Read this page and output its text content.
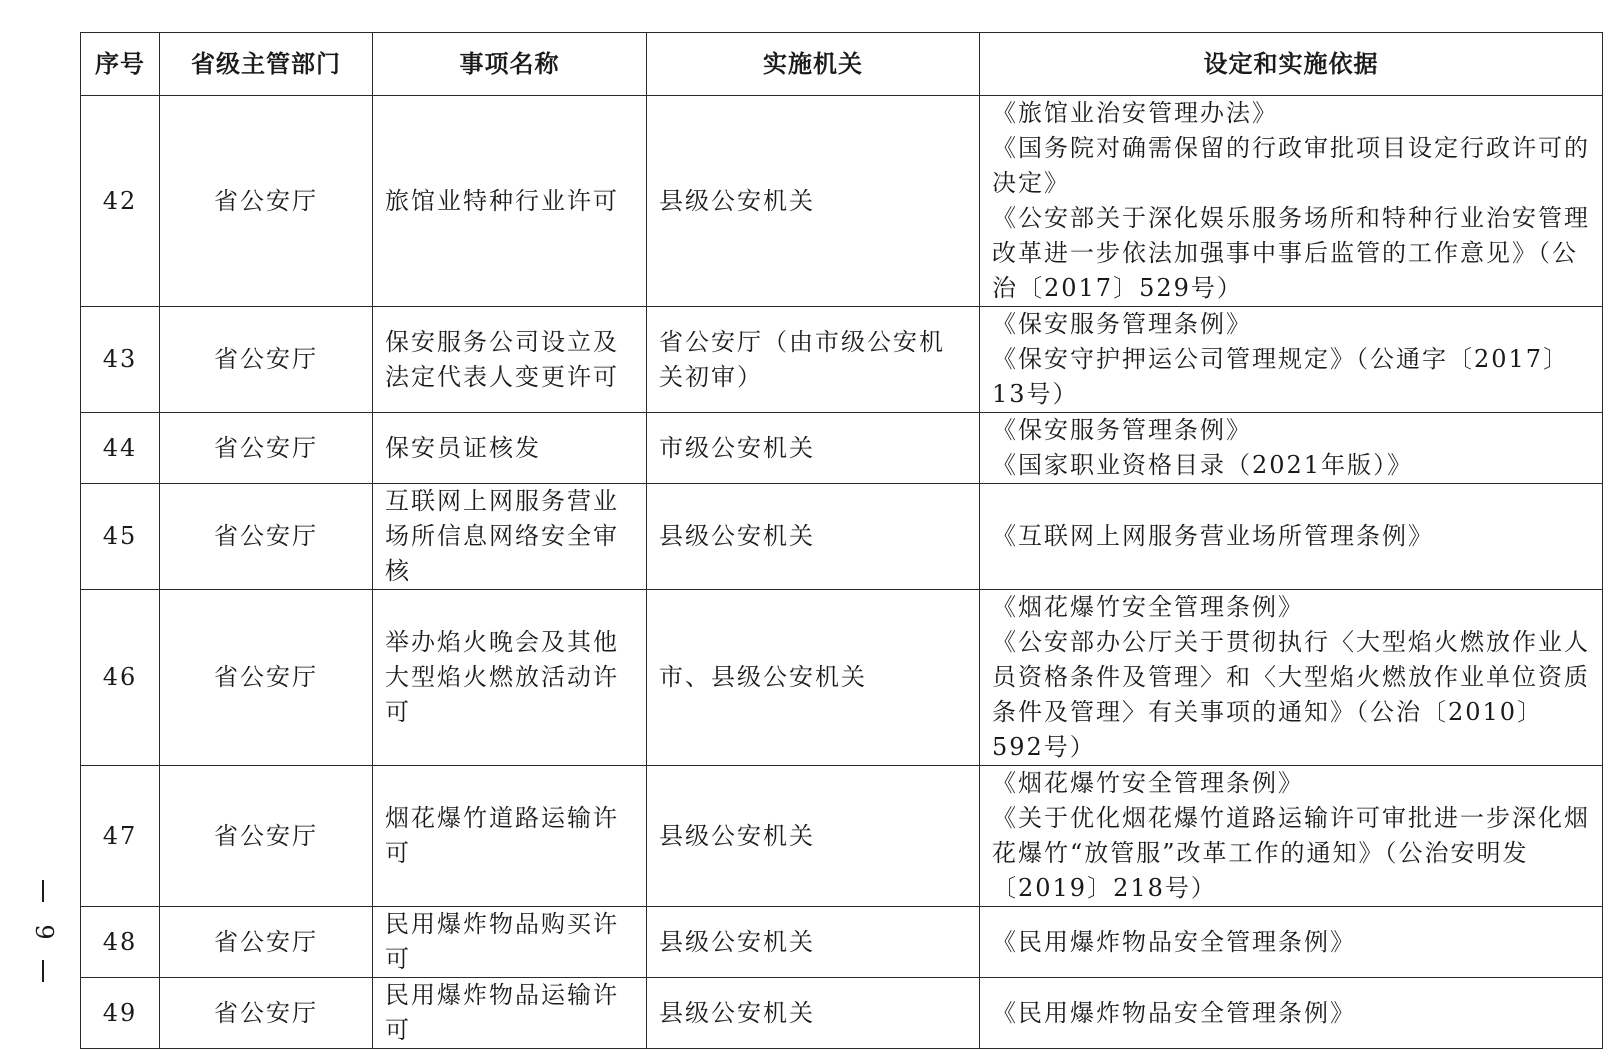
9
序号	省级主管部门	事项名称	实施机关	设定和实施依据
42	省公安厅	旅馆业特种行业许可	县级公安机关	《旅馆业治安管理办法》
《国务院对确需保留的行政审批项目设定行政许可的决定》
《公安部关于深化娱乐服务场所和特种行业治安管理改革进一步依法加强事中事后监管的工作意见》（公治〔2017〕529号）

43	省公安厅	保安服务公司设立及法定代表人变更许可	省公安厅（由市级公安机关初审）	《保安服务管理条例》
《保安守护押运公司管理规定》（公通字〔2017〕13号）

44	省公安厅	保安员证核发	市级公安机关	《保安服务管理条例》
《国家职业资格目录（2021年版）》

45	省公安厅	互联网上网服务营业场所信息网络安全审核	县级公安机关	《互联网上网服务营业场所管理条例》

46	省公安厅	举办焰火晚会及其他大型焰火燃放活动许可	市、县级公安机关	《烟花爆竹安全管理条例》
《公安部办公厅关于贯彻执行〈大型焰火燃放作业人员资格条件及管理〉和〈大型焰火燃放作业单位资质条件及管理〉有关事项的通知》（公治〔2010〕592号）

47	省公安厅	烟花爆竹道路运输许可	县级公安机关	《烟花爆竹安全管理条例》
《关于优化烟花爆竹道路运输许可审批进一步深化烟花爆竹“放管服”改革工作的通知》（公治安明发〔2019〕218号）

48	省公安厅	民用爆炸物品购买许可	县级公安机关	《民用爆炸物品安全管理条例》

49	省公安厅	民用爆炸物品运输许可	县级公安机关	《民用爆炸物品安全管理条例》
